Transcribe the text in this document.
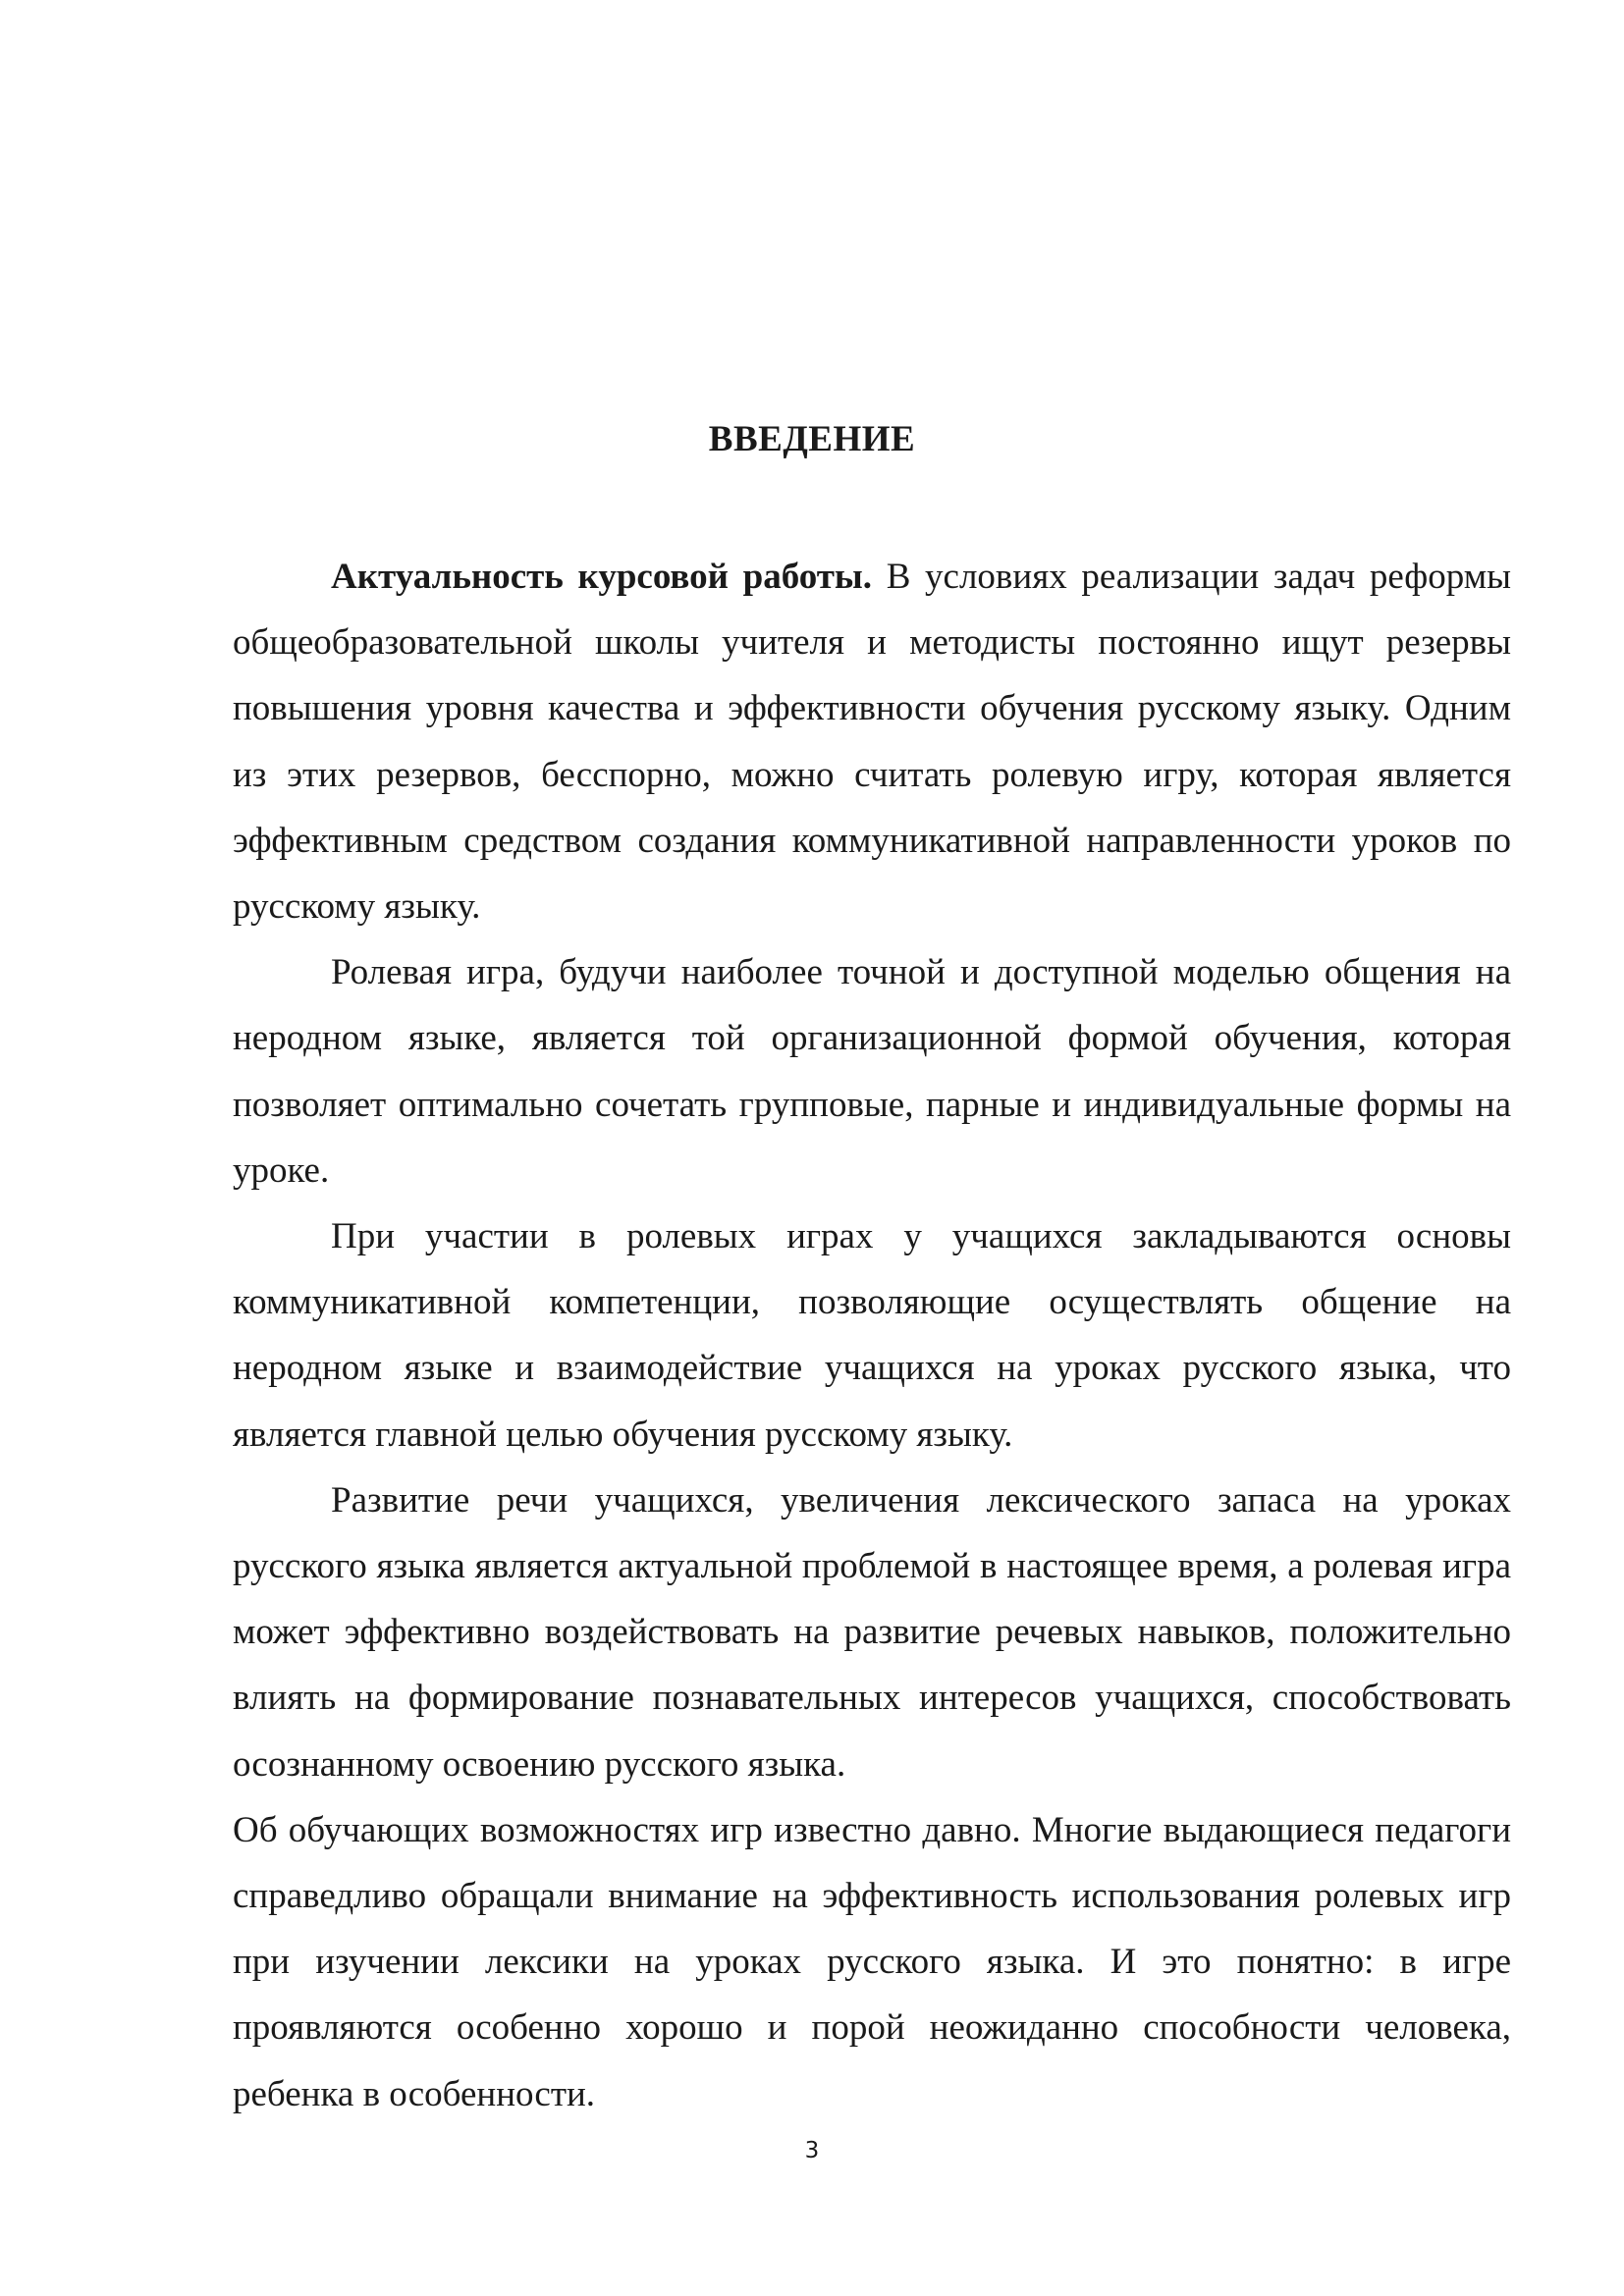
ВВЕДЕНИЕ

Актуальность курсовой работы. В условиях реализации задач реформы общеобразовательной школы учителя и методисты постоянно ищут резервы повышения уровня качества и эффективности обучения русскому языку. Одним из этих резервов, бесспорно, можно считать ролевую игру, которая является эффективным средством создания коммуникативной направленности уроков по русскому языку.

Ролевая игра, будучи наиболее точной и доступной моделью общения на неродном языке, является той организационной формой обучения, которая позволяет оптимально сочетать групповые, парные и индивидуальные формы на уроке.

При участии в ролевых играх у учащихся закладываются основы коммуникативной компетенции, позволяющие осуществлять общение на неродном языке и взаимодействие учащихся на уроках русского языка, что является главной целью обучения русскому языку.

Развитие речи учащихся, увеличения лексического запаса на уроках русского языка является актуальной проблемой в настоящее время, а ролевая игра может эффективно воздействовать на развитие речевых навыков, положительно влиять на формирование познавательных интересов учащихся, способствовать осознанному освоению русского языка.

Об обучающих возможностях игр известно давно. Многие выдающиеся педагоги справедливо обращали внимание на эффективность использования ролевых игр при изучении лексики на уроках русского языка. И это понятно: в игре проявляются особенно хорошо и порой неожиданно способности человека, ребенка в особенности.

3
